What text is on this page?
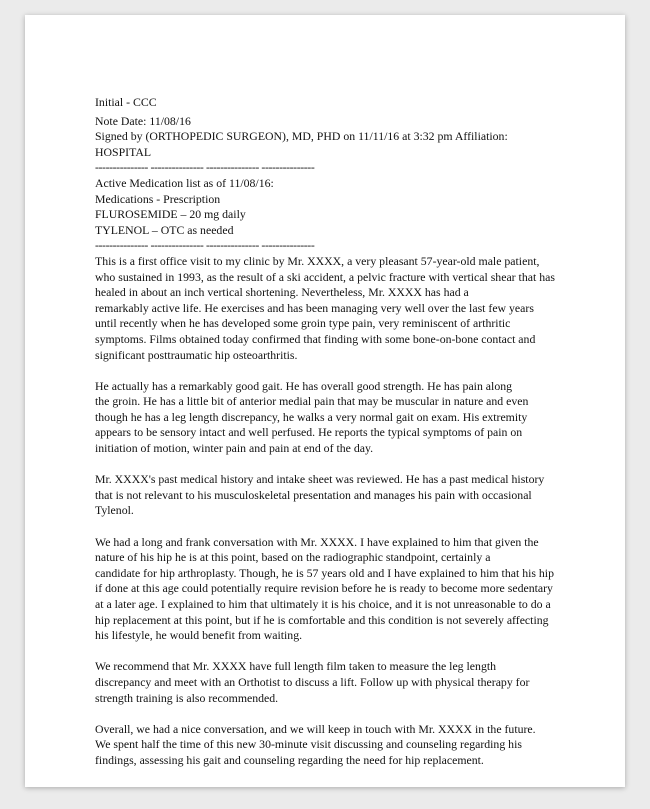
Initial - CCC
Note Date: 11/08/16
Signed by (ORTHOPEDIC SURGEON), MD, PHD on 11/11/16 at 3:32 pm Affiliation:
HOSPITAL
--------------- --------------- --------------- ---------------
Active Medication list as of 11/08/16:
Medications - Prescription
FLUROSEMIDE – 20 mg daily
TYLENOL – OTC as needed
--------------- --------------- --------------- ---------------
This is a first office visit to my clinic by Mr. XXXX, a very pleasant 57-year-old male patient,
who sustained in 1993, as the result of a ski accident, a pelvic fracture with vertical shear that has
healed in about an inch vertical shortening. Nevertheless, Mr. XXXX has had a
remarkably active life. He exercises and has been managing very well over the last few years
until recently when he has developed some groin type pain, very reminiscent of arthritic
symptoms. Films obtained today confirmed that finding with some bone-on-bone contact and
significant posttraumatic hip osteoarthritis.
He actually has a remarkably good gait. He has overall good strength. He has pain along
the groin. He has a little bit of anterior medial pain that may be muscular in nature and even
though he has a leg length discrepancy, he walks a very normal gait on exam. His extremity
appears to be sensory intact and well perfused. He reports the typical symptoms of pain on
initiation of motion, winter pain and pain at end of the day.
Mr. XXXX's past medical history and intake sheet was reviewed. He has a past medical history
that is not relevant to his musculoskeletal presentation and manages his pain with occasional
Tylenol.
We had a long and frank conversation with Mr. XXXX. I have explained to him that given the
nature of his hip he is at this point, based on the radiographic standpoint, certainly a
candidate for hip arthroplasty. Though, he is 57 years old and I have explained to him that his hip
if done at this age could potentially require revision before he is ready to become more sedentary
at a later age. I explained to him that ultimately it is his choice, and it is not unreasonable to do a
hip replacement at this point, but if he is comfortable and this condition is not severely affecting
his lifestyle, he would benefit from waiting.
We recommend that Mr. XXXX have full length film taken to measure the leg length
discrepancy and meet with an Orthotist to discuss a lift. Follow up with physical therapy for
strength training is also recommended.
Overall, we had a nice conversation, and we will keep in touch with Mr. XXXX in the future.
We spent half the time of this new 30-minute visit discussing and counseling regarding his
findings, assessing his gait and counseling regarding the need for hip replacement.
